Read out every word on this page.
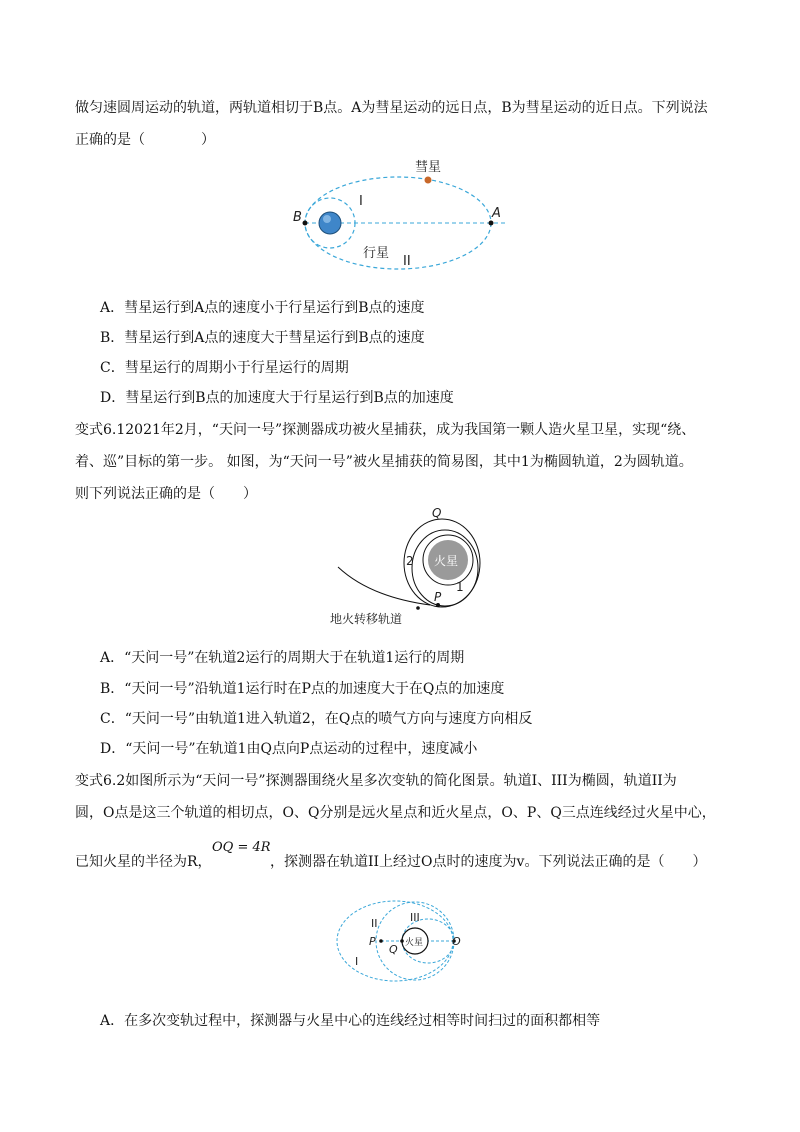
做匀速圆周运动的轨道，两轨道相切于B点。A为彗星运动的远日点，B为彗星运动的近日点。下列说法
正确的是（　　　　）
彗星
B	A
I
行星
II
A．彗星运行到A点的速度小于行星运行到B点的速度
B．彗星运行到A点的速度大于彗星运行到B点的速度
C．彗星运行的周期小于行星运行的周期
D．彗星运行到B点的加速度大于行星运行到B点的加速度
变式6.12021年2月，“天问一号”探测器成功被火星捕获，成为我国第一颗人造火星卫星，实现“绕、
着、巡”目标的第一步。 如图，为“天问一号”被火星捕获的简易图，其中1为椭圆轨道，2为圆轨道。
则下列说法正确的是（　　）
火星
Q
2
1
P
地火转移轨道
A．“天问一号”在轨道2运行的周期大于在轨道1运行的周期
B．“天问一号”沿轨道1运行时在P点的加速度大于在Q点的加速度
C．“天问一号”由轨道1进入轨道2，在Q点的喷气方向与速度方向相反
D．“天问一号”在轨道1由Q点向P点运动的过程中，速度减小
变式6.2如图所示为“天问一号”探测器围绕火星多次变轨的简化图景。轨道I、III为椭圆，轨道II为
圆，O点是这三个轨道的相切点，O、Q分别是远火星点和近火星点，O、P、Q三点连线经过火星中心，
OQ = 4R
已知火星的半径为R，	，探测器在轨道II上经过O点时的速度为v。下列说法正确的是（　　）
火星
II	III
P
Q
O
I
A．在多次变轨过程中，探测器与火星中心的连线经过相等时间扫过的面积都相等
